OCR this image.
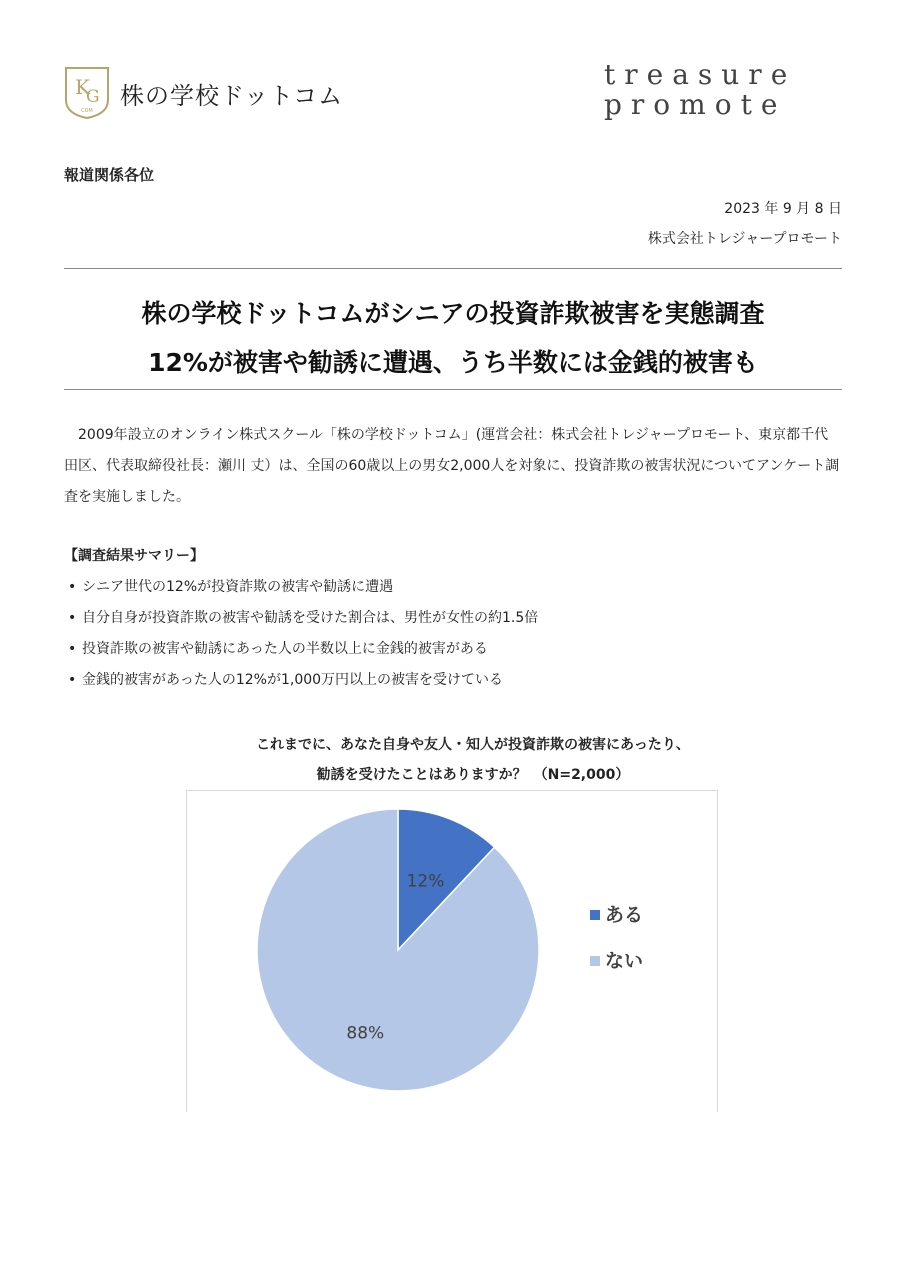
K
G
COM
株の学校ドットコム
treasure
promote
報道関係各位
2023 年 9 月 8 日
株式会社トレジャープロモート
株の学校ドットコムがシニアの投資詐欺被害を実態調査
12%が被害や勧誘に遭遇、うち半数には金銭的被害も
2009年設立のオンライン株式スクール「株の学校ドットコム」(運営会社：株式会社トレジャープロモート、東京都千代田区、代表取締役社長：瀬川 丈）は、全国の60歳以上の男女2,000人を対象に、投資詐欺の被害状況についてアンケート調査を実施しました。
【調査結果サマリー】
• シニア世代の12%が投資詐欺の被害や勧誘に遭遇
• 自分自身が投資詐欺の被害や勧誘を受けた割合は、男性が女性の約1.5倍
• 投資詐欺の被害や勧誘にあった人の半数以上に金銭的被害がある
• 金銭的被害があった人の12%が1,000万円以上の被害を受けている
これまでに、あなた自身や友人・知人が投資詐欺の被害にあったり、
勧誘を受けたことはありますか？　（N=2,000）
12%
88%
ある
ない
